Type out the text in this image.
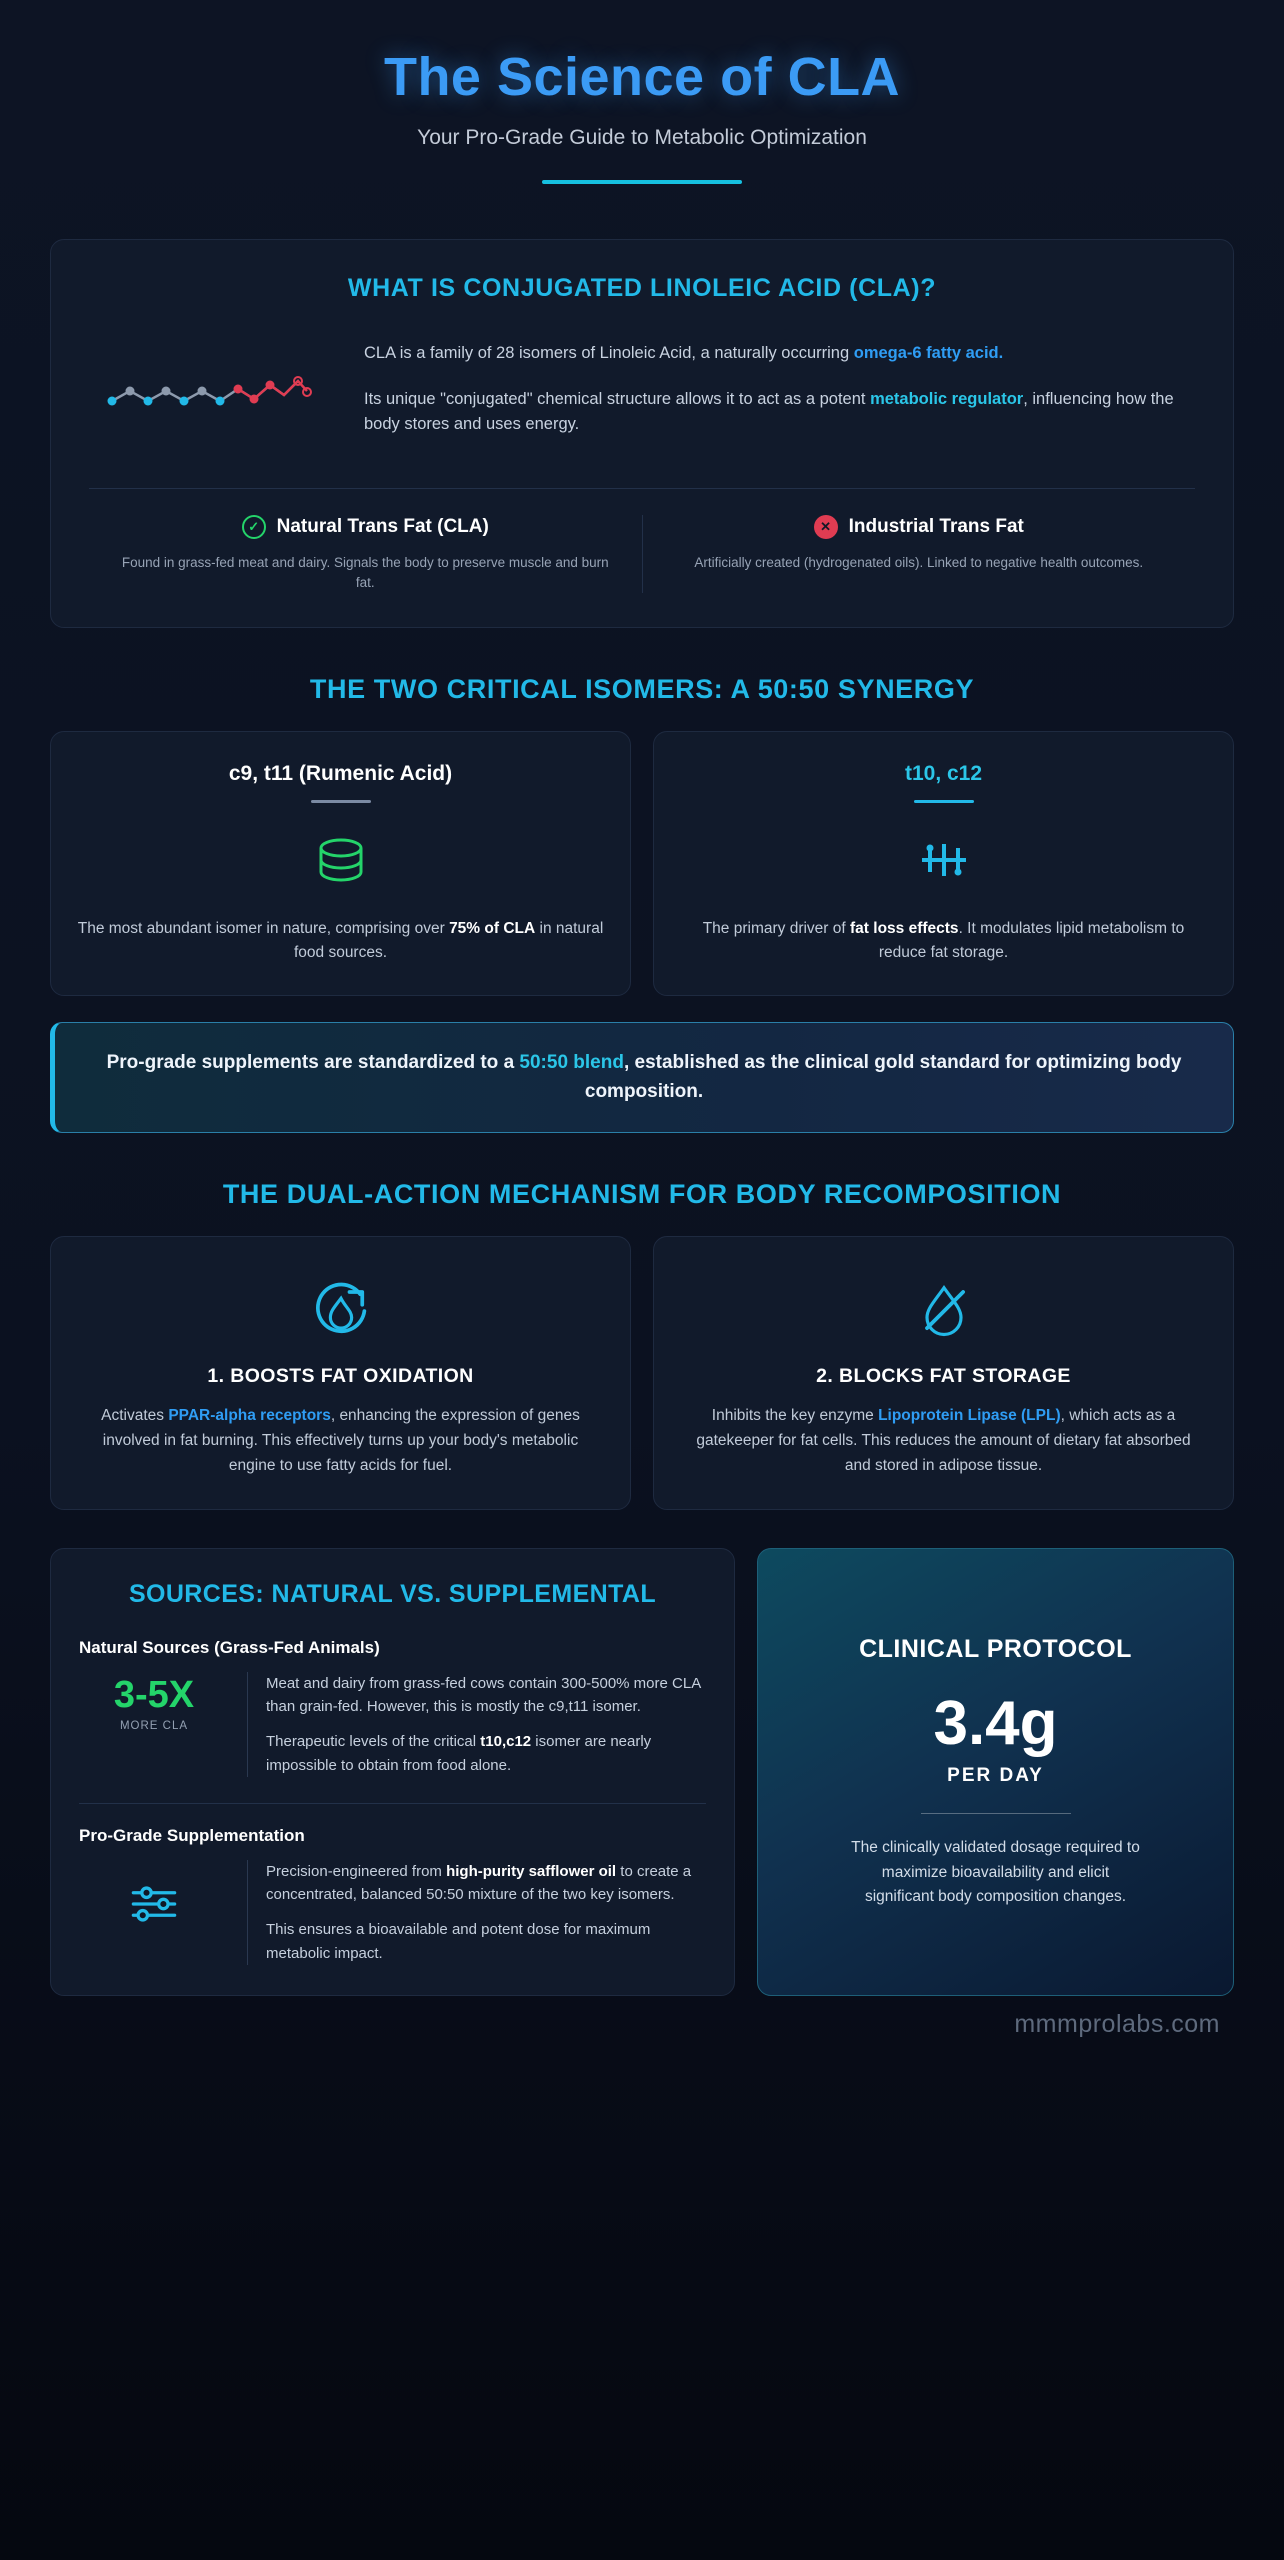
The Science of CLA
Your Pro-Grade Guide to Metabolic Optimization
WHAT IS CONJUGATED LINOLEIC ACID (CLA)?

CLA is a family of 28 isomers of Linoleic Acid, a naturally occurring omega-6 fatty acid.

Its unique "conjugated" chemical structure allows it to act as a potent metabolic regulator, influencing how the body stores and uses energy.

✓ Natural Trans Fat (CLA)
Found in grass-fed meat and dairy. Signals the body to preserve muscle and burn fat.
✕ Industrial Trans Fat
Artificially created (hydrogenated oils). Linked to negative health outcomes.
THE TWO CRITICAL ISOMERS: A 50:50 SYNERGY
c9, t11 (Rumenic Acid)
The most abundant isomer in nature, comprising over 75% of CLA in natural food sources.
t10, c12
The primary driver of fat loss effects. It modulates lipid metabolism to reduce fat storage.

Pro-grade supplements are standardized to a 50:50 blend, established as the clinical gold standard for optimizing body composition.

THE DUAL-ACTION MECHANISM FOR BODY RECOMPOSITION
1. BOOSTS FAT OXIDATION
Activates PPAR-alpha receptors, enhancing the expression of genes involved in fat burning. This effectively turns up your body's metabolic engine to use fatty acids for fuel.
2. BLOCKS FAT STORAGE
Inhibits the key enzyme Lipoprotein Lipase (LPL), which acts as a gatekeeper for fat cells. This reduces the amount of dietary fat absorbed and stored in adipose tissue.
SOURCES: NATURAL VS. SUPPLEMENTAL
Natural Sources (Grass-Fed Animals)
3-5X
MORE CLA

Meat and dairy from grass-fed cows contain 300-500% more CLA than grain-fed. However, this is mostly the c9,t11 isomer.

Therapeutic levels of the critical t10,c12 isomer are nearly impossible to obtain from food alone.

Pro-Grade Supplementation

Precision-engineered from high-purity safflower oil to create a concentrated, balanced 50:50 mixture of the two key isomers.

This ensures a bioavailable and potent dose for maximum metabolic impact.

CLINICAL PROTOCOL
3.4g
PER DAY
The clinically validated dosage required to maximize bioavailability and elicit significant body composition changes.
mmmprolabs.com
